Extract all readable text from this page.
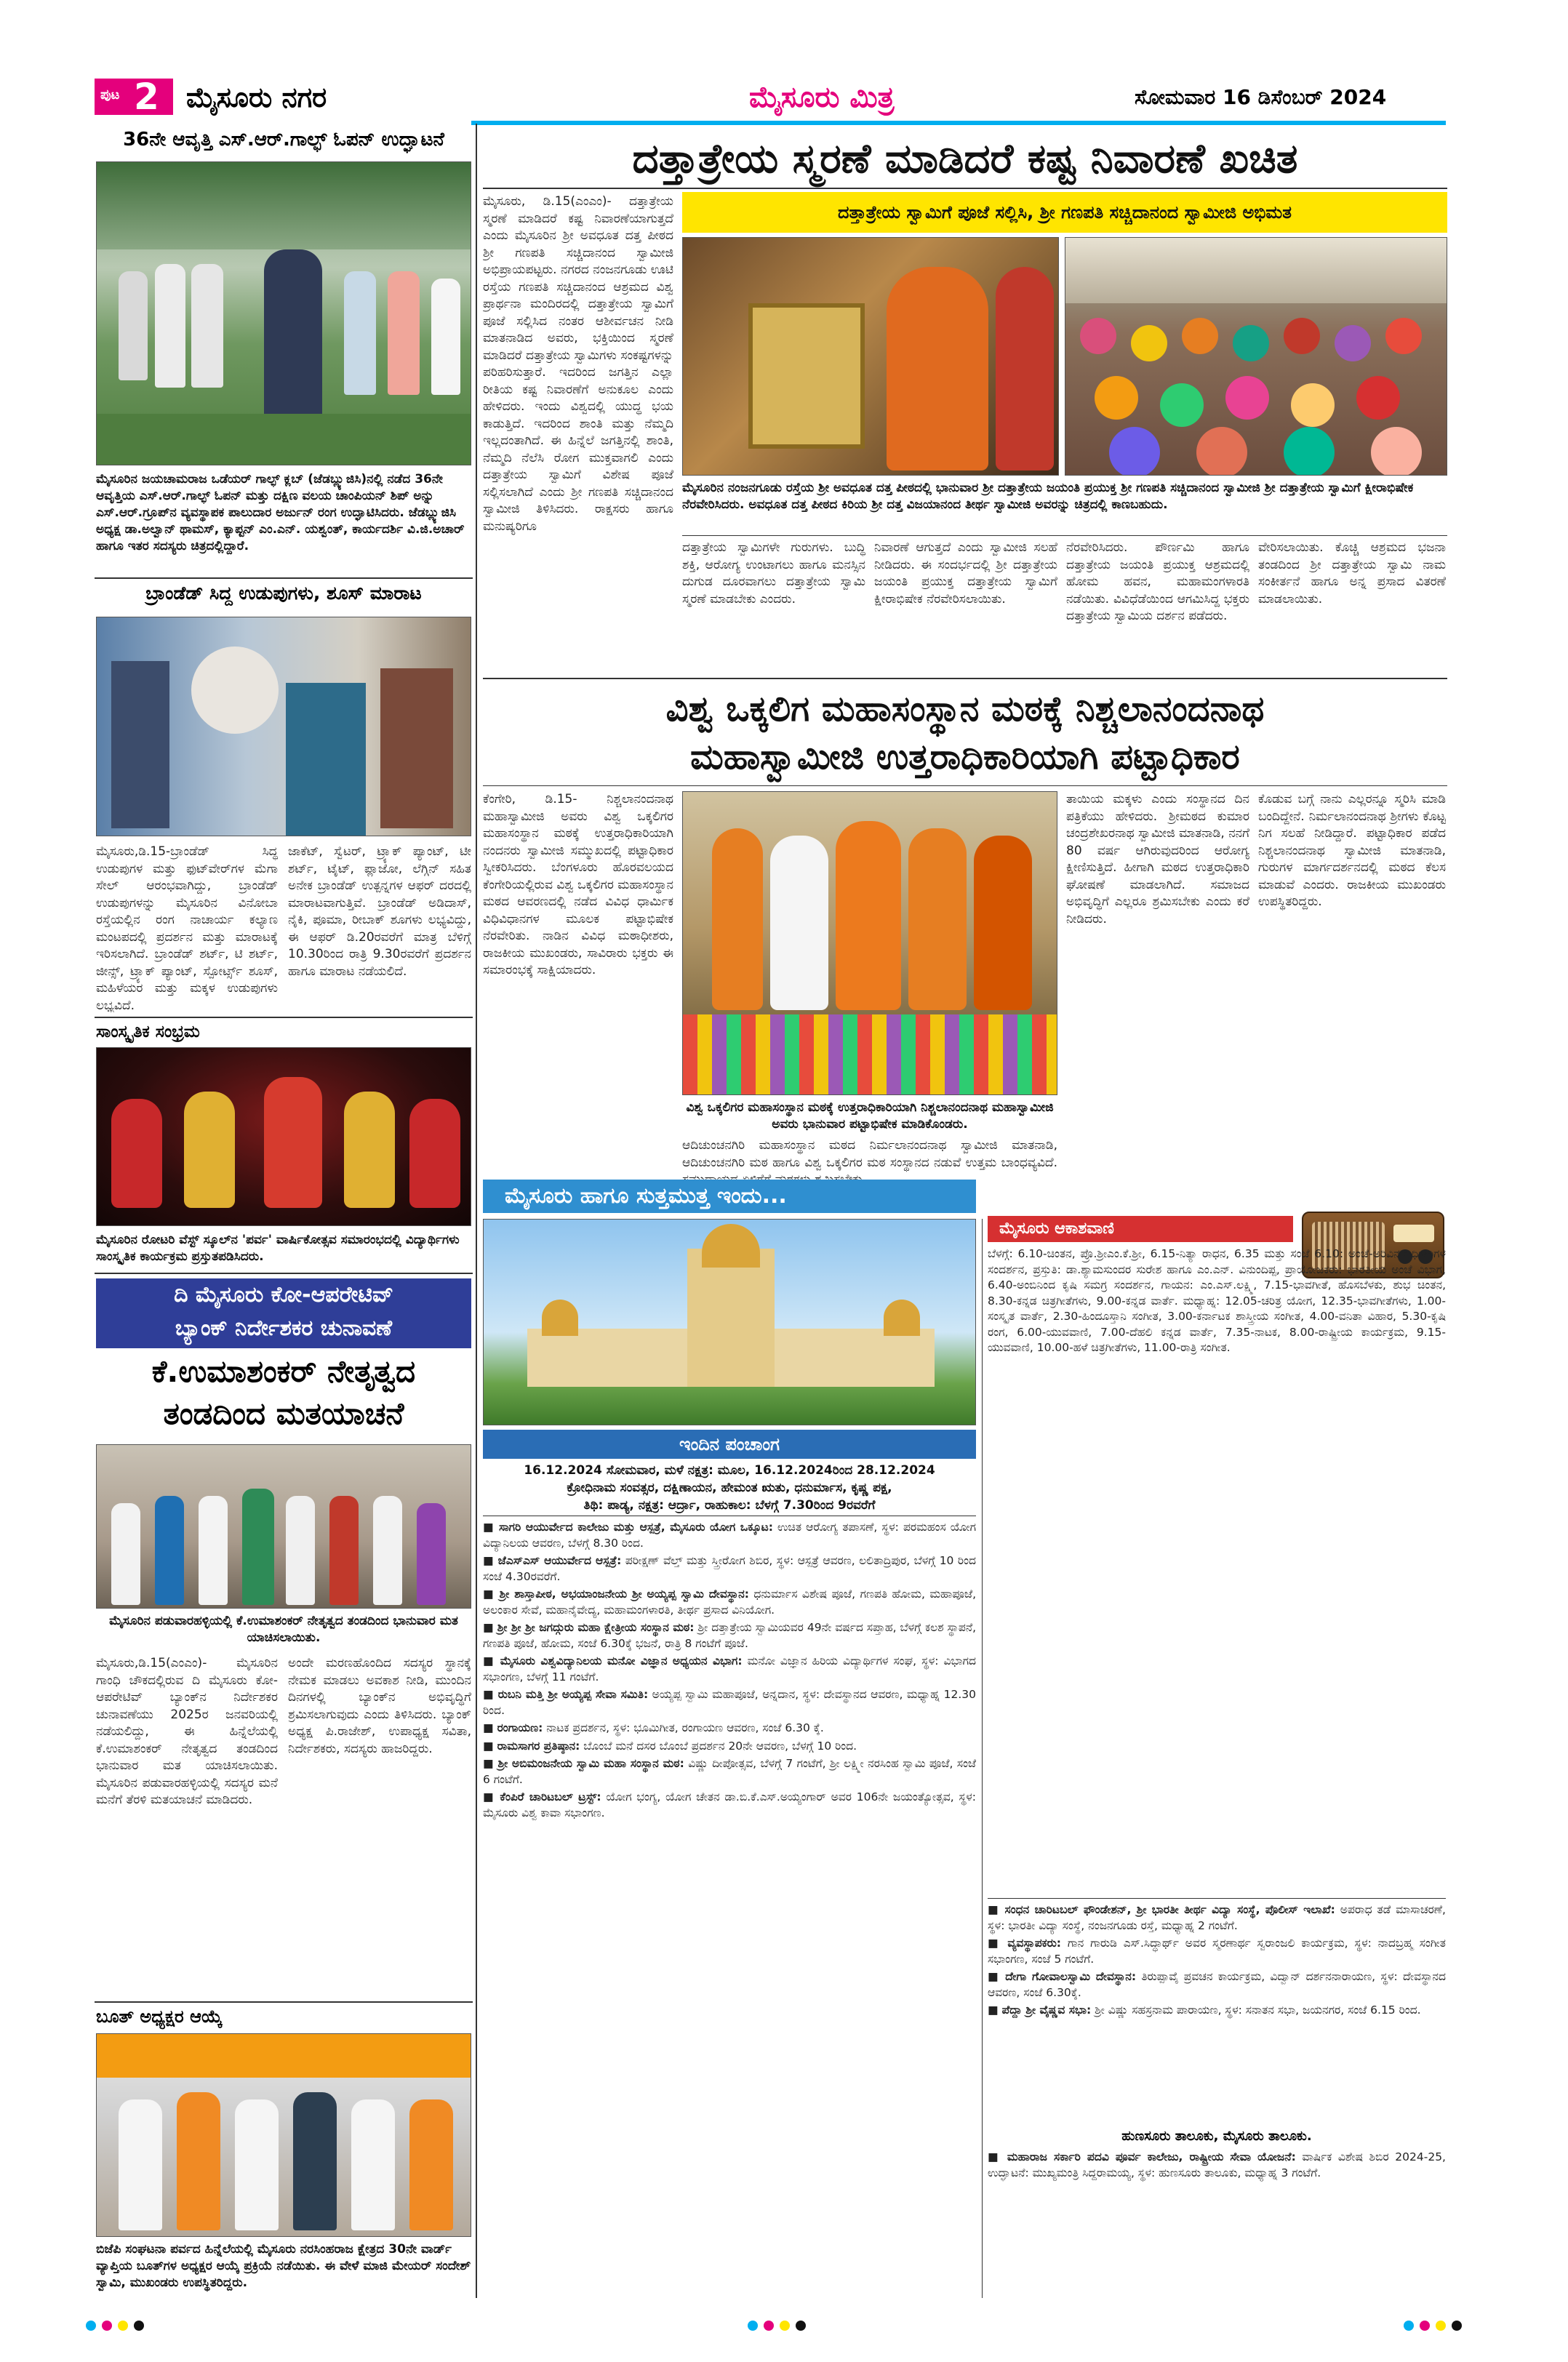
ಪುಟ 2 ಮೈಸೂರು ನಗರ	ಮೈಸೂರು ಮಿತ್ರ	ಸೋಮವಾರ 16 ಡಿಸೆಂಬರ್ 2024
36ನೇ ಆವೃತ್ತಿ ಎಸ್.ಆರ್.ಗಾಲ್ಫ್ ಓಪನ್ ಉದ್ಘಾಟನೆ
ಮೈಸೂರಿನ ಜಯಚಾಮರಾಜ ಒಡೆಯರ್ ಗಾಲ್ಫ್ ಕ್ಲಬ್ (ಜೆಡಬ್ಲ್ಯುಜಿಸಿ)ನಲ್ಲಿ ನಡೆದ 36ನೇ ಆವೃತ್ತಿಯ ಎಸ್.ಆರ್.ಗಾಲ್ಫ್ ಓಪನ್ ಮತ್ತು ದಕ್ಷಿಣ ವಲಯ ಚಾಂಪಿಯನ್ ಶಿಪ್ ಅನ್ನು ಎಸ್.ಆರ್.ಗ್ರೂಪ್‌ನ ವ್ಯವಸ್ಥಾಪಕ ಪಾಲುದಾರ ಅರ್ಜುನ್ ರಂಗ ಉದ್ಘಾಟಿಸಿದರು. ಜೆಡಬ್ಲ್ಯುಜಿಸಿ ಅಧ್ಯಕ್ಷ ಡಾ.ಅಲ್ವಾನ್ ಥಾಮಸ್, ಕ್ಯಾಪ್ಟನ್ ಎಂ.ಎನ್. ಯಶ್ವಂತ್, ಕಾರ್ಯದರ್ಶಿ ವಿ.ಜಿ.ಅಚಾರ್ ಹಾಗೂ ಇತರ ಸದಸ್ಯರು ಚಿತ್ರದಲ್ಲಿದ್ದಾರೆ.
ಬ್ರಾಂಡೆಡ್ ಸಿದ್ದ ಉಡುಪುಗಳು, ಶೂಸ್ ಮಾರಾಟ
ಮೈಸೂರು,ಡಿ.15-ಬ್ರಾಂಡೆಡ್ ಸಿದ್ಧ ಉಡುಪುಗಳ ಮತ್ತು ಫುಟ್‌ವೇರ್‌ಗಳ ಮೆಗಾ ಸೇಲ್ ಆರಂಭವಾಗಿದ್ದು, ಬ್ರಾಂಡೆಡ್ ಉಡುಪುಗಳನ್ನು ಮೈಸೂರಿನ ವಿನೋಬಾ ರಸ್ತೆಯಲ್ಲಿನ ರಂಗ ನಾಚಾರ್ಯ ಕಲ್ಯಾಣ ಮಂಟಪದಲ್ಲಿ ಪ್ರದರ್ಶನ ಮತ್ತು ಮಾರಾಟಕ್ಕೆ ಇರಿಸಲಾಗಿದೆ. ಬ್ರಾಂಡೆಡ್ ಶರ್ಟ್, ಟಿ ಶರ್ಟ್, ಜೀನ್ಸ್, ಟ್ರ್ಯಾಕ್ ಪ್ಯಾಂಟ್, ಸ್ಪೋರ್ಟ್ಸ್ ಶೂಸ್, ಮಹಿಳೆಯರ ಮತ್ತು ಮಕ್ಕಳ ಉಡುಪುಗಳು ಲಭ್ಯವಿದೆ.
ಜಾಕೆಟ್, ಸ್ವೆಟರ್, ಟ್ರ್ಯಾಕ್ ಪ್ಯಾಂಟ್, ಟೀ ಶರ್ಟ್, ಟೈಟ್, ಪ್ಲಾಜೋ, ಲೆಗ್ಗಿನ್ ಸಹಿತ ಅನೇಕ ಬ್ರಾಂಡೆಡ್ ಉತ್ಪನ್ನಗಳ ಆಫರ್ ದರದಲ್ಲಿ ಮಾರಾಟವಾಗುತ್ತಿವೆ. ಬ್ರಾಂಡೆಡ್ ಅಡಿದಾಸ್, ನೈಕಿ, ಪೂಮಾ, ರೀಬಾಕ್ ಶೂಗಳು ಲಭ್ಯವಿದ್ದು, ಈ ಆಫರ್ ಡಿ.20ರವರೆಗೆ ಮಾತ್ರ ಬೆಳಿಗ್ಗೆ 10.30ರಿಂದ ರಾತ್ರಿ 9.30ರವರೆಗೆ ಪ್ರದರ್ಶನ ಹಾಗೂ ಮಾರಾಟ ನಡೆಯಲಿದೆ.
ಸಾಂಸ್ಕೃತಿಕ ಸಂಭ್ರಮ
ಮೈಸೂರಿನ ರೋಟರಿ ವೆಸ್ಟ್ ಸ್ಕೂಲ್‌ನ 'ಪರ್ವ' ವಾರ್ಷಿಕೋತ್ಸವ ಸಮಾರಂಭದಲ್ಲಿ ವಿದ್ಯಾರ್ಥಿಗಳು ಸಾಂಸ್ಕೃತಿಕ ಕಾರ್ಯಕ್ರಮ ಪ್ರಸ್ತುತಪಡಿಸಿದರು.
ದಿ ಮೈಸೂರು ಕೋ-ಆಪರೇಟಿವ್
ಬ್ಯಾಂಕ್ ನಿರ್ದೇಶಕರ ಚುನಾವಣೆ
ಕೆ.ಉಮಾಶಂಕರ್ ನೇತೃತ್ವದ
ತಂಡದಿಂದ ಮತಯಾಚನೆ
ಮೈಸೂರಿನ ಪಡುವಾರಹಳ್ಳಿಯಲ್ಲಿ ಕೆ.ಉಮಾಶಂಕರ್ ನೇತೃತ್ವದ ತಂಡದಿಂದ ಭಾನುವಾರ ಮತ ಯಾಚಿಸಲಾಯಿತು.
ಮೈಸೂರು,ಡಿ.15(ಎಂಎಂ)- ಮೈಸೂರಿನ ಗಾಂಧಿ ಚೌಕದಲ್ಲಿರುವ ದಿ ಮೈಸೂರು ಕೋ-ಆಪರೇಟಿವ್ ಬ್ಯಾಂಕ್‌ನ ನಿರ್ದೇಶಕರ ಚುನಾವಣೆಯು 2025ರ ಜನವರಿಯಲ್ಲಿ ನಡೆಯಲಿದ್ದು, ಈ ಹಿನ್ನೆಲೆಯಲ್ಲಿ ಕೆ.ಉಮಾಶಂಕರ್ ನೇತೃತ್ವದ ತಂಡದಿಂದ ಭಾನುವಾರ ಮತ ಯಾಚಿಸಲಾಯಿತು. ಮೈಸೂರಿನ ಪಡುವಾರಹಳ್ಳಿಯಲ್ಲಿ ಸದಸ್ಯರ ಮನೆ ಮನೆಗೆ ತೆರಳಿ ಮತಯಾಚನೆ ಮಾಡಿದರು.
ಅಂದೇ ಮರಣಹೊಂದಿದ ಸದಸ್ಯರ ಸ್ಥಾನಕ್ಕೆ ನೇಮಕ ಮಾಡಲು ಅವಕಾಶ ನೀಡಿ, ಮುಂದಿನ ದಿನಗಳಲ್ಲಿ ಬ್ಯಾಂಕ್‌ನ ಅಭಿವೃದ್ಧಿಗೆ ಶ್ರಮಿಸಲಾಗುವುದು ಎಂದು ತಿಳಿಸಿದರು. ಬ್ಯಾಂಕ್ ಅಧ್ಯಕ್ಷ ಪಿ.ರಾಜೇಶ್, ಉಪಾಧ್ಯಕ್ಷ ಸವಿತಾ, ನಿರ್ದೇಶಕರು, ಸದಸ್ಯರು ಹಾಜರಿದ್ದರು.
ಬೂತ್ ಅಧ್ಯಕ್ಷರ ಆಯ್ಕೆ
ಬಿಜೆಪಿ ಸಂಘಟನಾ ಪರ್ವದ ಹಿನ್ನೆಲೆಯಲ್ಲಿ ಮೈಸೂರು ನರಸಿಂಹರಾಜ ಕ್ಷೇತ್ರದ 30ನೇ ವಾರ್ಡ್ ವ್ಯಾಪ್ತಿಯ ಬೂತ್‌ಗಳ ಅಧ್ಯಕ್ಷರ ಆಯ್ಕೆ ಪ್ರಕ್ರಿಯೆ ನಡೆಯಿತು. ಈ ವೇಳೆ ಮಾಜಿ ಮೇಯರ್ ಸಂದೇಶ್ ಸ್ವಾಮಿ, ಮುಖಂಡರು ಉಪಸ್ಥಿತರಿದ್ದರು.
ದತ್ತಾತ್ರೇಯ ಸ್ಮರಣೆ ಮಾಡಿದರೆ ಕಷ್ಟ ನಿವಾರಣೆ ಖಚಿತ
ಮೈಸೂರು, ಡಿ.15(ಎಂಎಂ)- ದತ್ತಾತ್ರೇಯ ಸ್ಮರಣೆ ಮಾಡಿದರೆ ಕಷ್ಟ ನಿವಾರಣೆಯಾಗುತ್ತದೆ ಎಂದು ಮೈಸೂರಿನ ಶ್ರೀ ಅವಧೂತ ದತ್ತ ಪೀಠದ ಶ್ರೀ ಗಣಪತಿ ಸಚ್ಚಿದಾನಂದ ಸ್ವಾಮೀಜಿ ಅಭಿಪ್ರಾಯಪಟ್ಟರು. ನಗರದ ನಂಜನಗೂಡು ಊಟಿ ರಸ್ತೆಯ ಗಣಪತಿ ಸಚ್ಚಿದಾನಂದ ಆಶ್ರಮದ ವಿಶ್ವ ಪ್ರಾರ್ಥನಾ ಮಂದಿರದಲ್ಲಿ ದತ್ತಾತ್ರೇಯ ಸ್ವಾಮಿಗೆ ಪೂಜೆ ಸಲ್ಲಿಸಿದ ನಂತರ ಆಶೀರ್ವಚನ ನೀಡಿ ಮಾತನಾಡಿದ ಅವರು, ಭಕ್ತಿಯಿಂದ ಸ್ಮರಣೆ ಮಾಡಿದರೆ ದತ್ತಾತ್ರೇಯ ಸ್ವಾಮಿಗಳು ಸಂಕಷ್ಟಗಳನ್ನು ಪರಿಹರಿಸುತ್ತಾರೆ. ಇದರಿಂದ ಜಗತ್ತಿನ ಎಲ್ಲಾ ರೀತಿಯ ಕಷ್ಟ ನಿವಾರಣೆಗೆ ಅನುಕೂಲ ಎಂದು ಹೇಳಿದರು. ಇಂದು ವಿಶ್ವದಲ್ಲಿ ಯುದ್ಧ ಭಯ ಕಾಡುತ್ತಿದೆ. ಇದರಿಂದ ಶಾಂತಿ ಮತ್ತು ನೆಮ್ಮದಿ ಇಲ್ಲದಂತಾಗಿದೆ. ಈ ಹಿನ್ನೆಲೆ ಜಗತ್ತಿನಲ್ಲಿ ಶಾಂತಿ, ನೆಮ್ಮದಿ ನೆಲೆಸಿ ರೋಗ ಮುಕ್ತವಾಗಲಿ ಎಂದು ದತ್ತಾತ್ರೇಯ ಸ್ವಾಮಿಗೆ ವಿಶೇಷ ಪೂಜೆ ಸಲ್ಲಿಸಲಾಗಿದೆ ಎಂದು ಶ್ರೀ ಗಣಪತಿ ಸಚ್ಚಿದಾನಂದ ಸ್ವಾಮೀಜಿ ತಿಳಿಸಿದರು. ರಾಕ್ಷಸರು ಹಾಗೂ ಮನುಷ್ಯರಿಗೂ
ದತ್ತಾತ್ರೇಯ ಸ್ವಾಮಿಗೆ ಪೂಜೆ ಸಲ್ಲಿಸಿ, ಶ್ರೀ ಗಣಪತಿ ಸಚ್ಚಿದಾನಂದ ಸ್ವಾಮೀಜಿ ಅಭಿಮತ
ಮೈಸೂರಿನ ನಂಜನಗೂಡು ರಸ್ತೆಯ ಶ್ರೀ ಅವಧೂತ ದತ್ತ ಪೀಠದಲ್ಲಿ ಭಾನುವಾರ ಶ್ರೀ ದತ್ತಾತ್ರೇಯ ಜಯಂತಿ ಪ್ರಯುಕ್ತ ಶ್ರೀ ಗಣಪತಿ ಸಚ್ಚಿದಾನಂದ ಸ್ವಾಮೀಜಿ ಶ್ರೀ ದತ್ತಾತ್ರೇಯ ಸ್ವಾಮಿಗೆ ಕ್ಷೀರಾಭಿಷೇಕ ನೆರವೇರಿಸಿದರು. ಅವಧೂತ ದತ್ತ ಪೀಠದ ಕಿರಿಯ ಶ್ರೀ ದತ್ತ ವಿಜಯಾನಂದ ತೀರ್ಥ ಸ್ವಾಮೀಜಿ ಅವರನ್ನು ಚಿತ್ರದಲ್ಲಿ ಕಾಣಬಹುದು.
ದತ್ತಾತ್ರೇಯ ಸ್ವಾಮಿಗಳೇ ಗುರುಗಳು. ಬುದ್ಧಿ ಶಕ್ತಿ, ಆರೋಗ್ಯ ಉಂಟಾಗಲು ಹಾಗೂ ಮನಸ್ಸಿನ ದುಗುಡ ದೂರವಾಗಲು ದತ್ತಾತ್ರೇಯ ಸ್ವಾಮಿ ಸ್ಮರಣೆ ಮಾಡಬೇಕು ಎಂದರು.
ನಿವಾರಣೆ ಆಗುತ್ತದೆ ಎಂದು ಸ್ವಾಮೀಜಿ ಸಲಹೆ ನೀಡಿದರು. ಈ ಸಂದರ್ಭದಲ್ಲಿ ಶ್ರೀ ದತ್ತಾತ್ರೇಯ ಜಯಂತಿ ಪ್ರಯುಕ್ತ ದತ್ತಾತ್ರೇಯ ಸ್ವಾಮಿಗೆ ಕ್ಷೀರಾಭಿಷೇಕ ನೆರವೇರಿಸಲಾಯಿತು.
ನೆರವೇರಿಸಿದರು. ಪೌರ್ಣಮಿ ಹಾಗೂ ದತ್ತಾತ್ರೇಯ ಜಯಂತಿ ಪ್ರಯುಕ್ತ ಆಶ್ರಮದಲ್ಲಿ ಹೋಮ ಹವನ, ಮಹಾಮಂಗಳಾರತಿ ನಡೆಯಿತು. ವಿವಿಧೆಡೆಯಿಂದ ಆಗಮಿಸಿದ್ದ ಭಕ್ತರು ದತ್ತಾತ್ರೇಯ ಸ್ವಾಮಿಯ ದರ್ಶನ ಪಡೆದರು.
ವೇರಿಸಲಾಯಿತು. ಕೊಚ್ಚಿ ಆಶ್ರಮದ ಭಜನಾ ತಂಡದಿಂದ ಶ್ರೀ ದತ್ತಾತ್ರೇಯ ಸ್ವಾಮಿ ನಾಮ ಸಂಕೀರ್ತನೆ ಹಾಗೂ ಅನ್ನ ಪ್ರಸಾದ ವಿತರಣೆ ಮಾಡಲಾಯಿತು.
ವಿಶ್ವ ಒಕ್ಕಲಿಗ ಮಹಾಸಂಸ್ಥಾನ ಮಠಕ್ಕೆ ನಿಶ್ಚಲಾನಂದನಾಥ
ಮಹಾಸ್ವಾಮೀಜಿ ಉತ್ತರಾಧಿಕಾರಿಯಾಗಿ ಪಟ್ಟಾಧಿಕಾರ
ಕೆಂಗೇರಿ, ಡಿ.15- ನಿಶ್ಚಲಾನಂದನಾಥ ಮಹಾಸ್ವಾಮೀಜಿ ಅವರು ವಿಶ್ವ ಒಕ್ಕಲಿಗರ ಮಹಾಸಂಸ್ಥಾನ ಮಠಕ್ಕೆ ಉತ್ತರಾಧಿಕಾರಿಯಾಗಿ ನಂದನರು ಸ್ವಾಮೀಜಿ ಸಮ್ಮುಖದಲ್ಲಿ ಪಟ್ಟಾಧಿಕಾರ ಸ್ವೀಕರಿಸಿದರು. ಬೆಂಗಳೂರು ಹೊರವಲಯದ ಕೆಂಗೇರಿಯಲ್ಲಿರುವ ವಿಶ್ವ ಒಕ್ಕಲಿಗರ ಮಹಾಸಂಸ್ಥಾನ ಮಠದ ಆವರಣದಲ್ಲಿ ನಡೆದ ವಿವಿಧ ಧಾರ್ಮಿಕ ವಿಧಿವಿಧಾನಗಳ ಮೂಲಕ ಪಟ್ಟಾಭಿಷೇಕ ನೆರವೇರಿತು. ನಾಡಿನ ವಿವಿಧ ಮಠಾಧೀಶರು, ರಾಜಕೀಯ ಮುಖಂಡರು, ಸಾವಿರಾರು ಭಕ್ತರು ಈ ಸಮಾರಂಭಕ್ಕೆ ಸಾಕ್ಷಿಯಾದರು.
ವಿಶ್ವ ಒಕ್ಕಲಿಗರ ಮಹಾಸಂಸ್ಥಾನ ಮಠಕ್ಕೆ ಉತ್ತರಾಧಿಕಾರಿಯಾಗಿ ನಿಶ್ಚಲಾನಂದನಾಥ ಮಹಾಸ್ವಾಮೀಜಿ ಅವರು ಭಾನುವಾರ ಪಟ್ಟಾಭಿಷೇಕ ಮಾಡಿಕೊಂಡರು.
ಆದಿಚುಂಚನಗಿರಿ ಮಹಾಸಂಸ್ಥಾನ ಮಠದ ನಿರ್ಮಲಾನಂದನಾಥ ಸ್ವಾಮೀಜಿ ಮಾತನಾಡಿ, ಆದಿಚುಂಚನಗಿರಿ ಮಠ ಹಾಗೂ ವಿಶ್ವ ಒಕ್ಕಲಿಗರ ಮಠ ಸಂಸ್ಥಾನದ ನಡುವೆ ಉತ್ತಮ ಬಾಂಧವ್ಯವಿದೆ.
ತಾಯಿಯ ಮಕ್ಕಳು ಎಂದು ಸಂಸ್ಥಾನದ ದಿನ ಪತ್ರಿಕೆಯು ಹೇಳಿದರು. ಶ್ರೀಮಠದ ಕುಮಾರ ಚಂದ್ರಶೇಖರನಾಥ ಸ್ವಾಮೀಜಿ ಮಾತನಾಡಿ, ನನಗೆ 80 ವರ್ಷ ಆಗಿರುವುದರಿಂದ ಆರೋಗ್ಯ ಕ್ಷೀಣಿಸುತ್ತಿದೆ. ಹೀಗಾಗಿ ಮಠದ ಉತ್ತರಾಧಿಕಾರಿ ಘೋಷಣೆ ಮಾಡಲಾಗಿದೆ. ಸಮಾಜದ ಅಭಿವೃದ್ಧಿಗೆ ಎಲ್ಲರೂ ಶ್ರಮಿಸಬೇಕು ಎಂದು ಕರೆ ನೀಡಿದರು.
ಕೊಡುವ ಬಗ್ಗೆ ನಾನು ಎಲ್ಲರನ್ನೂ ಸ್ಮರಿಸಿ ಮಾಡಿ ಬಂದಿದ್ದೇನೆ. ನಿರ್ಮಲಾನಂದನಾಥ ಶ್ರೀಗಳು ಕೊಟ್ಟ ನಿಗ ಸಲಹೆ ನೀಡಿದ್ದಾರೆ. ಪಟ್ಟಾಧಿಕಾರ ಪಡೆದ ನಿಶ್ಚಲಾನಂದನಾಥ ಸ್ವಾಮೀಜಿ ಮಾತನಾಡಿ, ಗುರುಗಳ ಮಾರ್ಗದರ್ಶನದಲ್ಲಿ ಮಠದ ಕೆಲಸ ಮಾಡುವೆ ಎಂದರು. ರಾಜಕೀಯ ಮುಖಂಡರು ಉಪಸ್ಥಿತರಿದ್ದರು.
ಮೈಸೂರು ಹಾಗೂ ಸುತ್ತಮುತ್ತ ಇಂದು...
ಇಂದಿನ ಪಂಚಾಂಗ
16.12.2024 ಸೋಮವಾರ, ಮಳೆ ನಕ್ಷತ್ರ: ಮೂಲ, 16.12.2024ರಿಂದ 28.12.2024
ಕ್ರೋಧಿನಾಮ ಸಂವತ್ಸರ, ದಕ್ಷಿಣಾಯನ, ಹೇಮಂತ ಋತು, ಧನುರ್ಮಾಸ, ಕೃಷ್ಣ ಪಕ್ಷ,
ತಿಥಿ: ಪಾಡ್ಯ, ನಕ್ಷತ್ರ: ಆರ್ದ್ರಾ, ರಾಹುಕಾಲ: ಬೆಳಗ್ಗೆ 7.30ರಿಂದ 9ರವರೆಗೆ
■ ಸಾಗರಿ ಆಯುರ್ವೇದ ಕಾಲೇಜು ಮತ್ತು ಆಸ್ಪತ್ರೆ, ಮೈಸೂರು ಯೋಗ ಒಕ್ಕೂಟ: ಉಚಿತ ಆರೋಗ್ಯ ತಪಾಸಣೆ, ಸ್ಥಳ: ಪರಮಹಂಸ ಯೋಗ ವಿದ್ಯಾನಿಲಯ ಆವರಣ, ಬೆಳಗ್ಗೆ 8.30 ರಿಂದ.
■ ಜೆಎಸ್‌ಎಸ್ ಆಯುರ್ವೇದ ಆಸ್ಪತ್ರೆ: ಪರೀಕ್ಷಣ್ ವೆಲ್ತ್ ಮತ್ತು ಸ್ತ್ರೀರೋಗ ಶಿಬಿರ, ಸ್ಥಳ: ಆಸ್ಪತ್ರೆ ಆವರಣ, ಲಲಿತಾದ್ರಿಪುರ, ಬೆಳಗ್ಗೆ 10 ರಿಂದ ಸಂಜೆ 4.30ರವರೆಗೆ.
■ ಶ್ರೀ ಶಾಸ್ತಾಪೀಠ, ಅಭಯಾಂಜನೇಯ ಶ್ರೀ ಅಯ್ಯಪ್ಪ ಸ್ವಾಮಿ ದೇವಸ್ಥಾನ: ಧನುರ್ಮಾಸ ವಿಶೇಷ ಪೂಜೆ, ಗಣಪತಿ ಹೋಮ, ಮಹಾಪೂಜೆ, ಅಲಂಕಾರ ಸೇವೆ, ಮಹಾನೈವೇದ್ಯ, ಮಹಾಮಂಗಳಾರತಿ, ತೀರ್ಥ ಪ್ರಸಾದ ವಿನಿಯೋಗ.
■ ಶ್ರೀ ಶ್ರೀ ಶ್ರೀ ಜಗದ್ಗುರು ಮಹಾ ಕ್ಷೇತ್ರೀಯ ಸಂಸ್ಥಾನ ಮಠ: ಶ್ರೀ ದತ್ತಾತ್ರೇಯ ಸ್ವಾಮಿಯವರ 49ನೇ ವರ್ಷದ ಸಪ್ತಾಹ, ಬೆಳಗ್ಗೆ ಕಲಶ ಸ್ಥಾಪನೆ, ಗಣಪತಿ ಪೂಜೆ, ಹೋಮ, ಸಂಜೆ 6.30ಕ್ಕೆ ಭಜನೆ, ರಾತ್ರಿ 8 ಗಂಟೆಗೆ ಪೂಜೆ.
■ ಮೈಸೂರು ವಿಶ್ವವಿದ್ಯಾನಿಲಯ ಮನೋ ವಿಜ್ಞಾನ ಅಧ್ಯಯನ ವಿಭಾಗ: ಮನೋ ವಿಜ್ಞಾನ ಹಿರಿಯ ವಿದ್ಯಾರ್ಥಿಗಳ ಸಂಘ, ಸ್ಥಳ: ವಿಭಾಗದ ಸಭಾಂಗಣ, ಬೆಳಗ್ಗೆ 11 ಗಂಟೆಗೆ.
■ ರುಬನಿ ಮತ್ತಿ ಶ್ರೀ ಅಯ್ಯಪ್ಪ ಸೇವಾ ಸಮಿತಿ: ಅಯ್ಯಪ್ಪ ಸ್ವಾಮಿ ಮಹಾಪೂಜೆ, ಅನ್ನದಾನ, ಸ್ಥಳ: ದೇವಸ್ಥಾನದ ಆವರಣ, ಮಧ್ಯಾಹ್ನ 12.30 ರಿಂದ.
■ ರಂಗಾಯಣ: ನಾಟಕ ಪ್ರದರ್ಶನ, ಸ್ಥಳ: ಭೂಮಿಗೀತ, ರಂಗಾಯಣ ಆವರಣ, ಸಂಜೆ 6.30 ಕ್ಕೆ.
■ ರಾಮಸಾಗರ ಪ್ರತಿಷ್ಠಾನ: ಬೊಂಬೆ ಮನೆ ದಸರ ಬೊಂಬೆ ಪ್ರದರ್ಶನ 20ನೇ ಆವರಣ, ಬೆಳಗ್ಗೆ 10 ರಿಂದ.
■ ಶ್ರೀ ಅಬಿಮಂಜನೇಯ ಸ್ವಾಮಿ ಮಹಾ ಸಂಸ್ಥಾನ ಮಠ: ವಿಷ್ಣು ದೀಪೋತ್ಸವ, ಬೆಳಗ್ಗೆ 7 ಗಂಟೆಗೆ, ಶ್ರೀ ಲಕ್ಷ್ಮೀ ನರಸಿಂಹ ಸ್ವಾಮಿ ಪೂಜೆ, ಸಂಜೆ 6 ಗಂಟೆಗೆ.
■ ಕೆಂಪಿರೆ ಚಾರಿಟಬಲ್ ಟ್ರಸ್ಟ್: ಯೋಗ ಭಂಗ್ಯ, ಯೋಗ ಚೇತನ ಡಾ.ಬಿ.ಕೆ.ಎಸ್.ಅಯ್ಯಂಗಾರ್ ಅವರ 106ನೇ ಜಯಂತ್ಯೋತ್ಸವ, ಸ್ಥಳ: ಮೈಸೂರು ವಿಶ್ವ ಕಾವಾ ಸಭಾಂಗಣ.
ಮೈಸೂರು ಆಕಾಶವಾಣಿ
ಬೆಳಗ್ಗೆ: 6.10-ಚಿಂತನ, ಪ್ರೊ.ಶ್ರೀಎಂ.ಕೆ.ಶ್ರೀ, 6.15-ನಿತ್ಯಾ ರಾಧನ, 6.35 ಮತ್ತು ಸಂಜೆ 6.10: ಅಂಚೆ-ಅರಿವಿನ-ಅಧಿಕಾರಿಗಳ ಸಂದರ್ಶನ, ಪ್ರಸ್ತುತಿ: ಡಾ.ಶ್ಯಾಮಸುಂದರ ಸುರೇಶ ಹಾಗೂ ಎಂ.ಎನ್. ವಿನುಂದಿಪ್ಪ, ಪ್ರಾಯೋಜಕರು: ಭಾರತೀಯ ಅಂಚೆ ವಿಭಾಗ, 6.40-ಅಂಬಿನಿಂದ ಕೃಷಿ ಸಮಗ್ರ ಸಂದರ್ಶನ, ಗಾಯನ: ಎಂ.ಎಸ್.ಲಕ್ಷ್ಮಿ, 7.15-ಭಾವಗೀತೆ, ಹೊಸಬೆಳಕು, ಶುಭ ಚಿಂತನ, 8.30-ಕನ್ನಡ ಚಿತ್ರಗೀತೆಗಳು, 9.00-ಕನ್ನಡ ವಾರ್ತೆ. ಮಧ್ಯಾಹ್ನ: 12.05-ಚರಿತ್ರ ಯೋಗ, 12.35-ಭಾವಗೀತೆಗಳು, 1.00-ಸಂಸ್ಕೃತ ವಾರ್ತೆ, 2.30-ಹಿಂದೂಸ್ತಾನಿ ಸಂಗೀತ, 3.00-ಕರ್ನಾಟಕ ಶಾಸ್ತ್ರೀಯ ಸಂಗೀತ, 4.00-ವನಿತಾ ವಿಹಾರ, 5.30-ಕೃಷಿ ರಂಗ, 6.00-ಯುವವಾಣಿ, 7.00-ದೆಹಲಿ ಕನ್ನಡ ವಾರ್ತೆ, 7.35-ನಾಟಕ, 8.00-ರಾಷ್ಟ್ರೀಯ ಕಾರ್ಯಕ್ರಮ, 9.15-ಯುವವಾಣಿ, 10.00-ಹಳೆ ಚಿತ್ರಗೀತೆಗಳು, 11.00-ರಾತ್ರಿ ಸಂಗೀತ.
■ ಸಂಧನ ಚಾರಿಟಬಲ್ ಫೌಂಡೇಶನ್, ಶ್ರೀ ಭಾರತೀ ತೀರ್ಥ ವಿದ್ಯಾ ಸಂಸ್ಥೆ, ಪೊಲೀಸ್ ಇಲಾಖೆ: ಅಪರಾಧ ತಡೆ ಮಾಸಾಚರಣೆ, ಸ್ಥಳ: ಭಾರತೀ ವಿದ್ಯಾ ಸಂಸ್ಥೆ, ನಂಜನಗೂಡು ರಸ್ತೆ, ಮಧ್ಯಾಹ್ನ 2 ಗಂಟೆಗೆ.
■ ವ್ಯವಸ್ಥಾಪಕರು: ಗಾನ ಗಾರುಡಿ ಎಸ್.ಸಿದ್ಧಾರ್ಥ್ ಅವರ ಸ್ಮರಣಾರ್ಥ ಸ್ವರಾಂಜಲಿ ಕಾರ್ಯಕ್ರಮ, ಸ್ಥಳ: ನಾದಬ್ರಹ್ಮ ಸಂಗೀತ ಸಭಾಂಗಣ, ಸಂಜೆ 5 ಗಂಟೆಗೆ.
■ ದೇಗಾ ಗೋವಾಲಸ್ವಾಮಿ ದೇವಸ್ಥಾನ: ತಿರುಪ್ಪಾವೈ ಪ್ರವಚನ ಕಾರ್ಯಕ್ರಮ, ವಿದ್ವಾನ್ ದರ್ಶನನಾರಾಯಣ, ಸ್ಥಳ: ದೇವಸ್ಥಾನದ ಆವರಣ, ಸಂಜೆ 6.30ಕ್ಕೆ.
■ ಪೆದ್ದಾ ಶ್ರೀ ವೈಷ್ಣವ ಸಭಾ: ಶ್ರೀ ವಿಷ್ಣು ಸಹಸ್ರನಾಮ ಪಾರಾಯಣ, ಸ್ಥಳ: ಸನಾತನ ಸಭಾ, ಜಯನಗರ, ಸಂಜೆ 6.15 ರಿಂದ.
ಹುಣಸೂರು ತಾಲೂಕು, ಮೈಸೂರು ತಾಲೂಕು.
■ ಮಹಾರಾಜ ಸರ್ಕಾರಿ ಪದವಿ ಪೂರ್ವ ಕಾಲೇಜು, ರಾಷ್ಟ್ರೀಯ ಸೇವಾ ಯೋಜನೆ: ವಾರ್ಷಿಕ ವಿಶೇಷ ಶಿಬಿರ 2024-25, ಉದ್ಘಾಟನೆ: ಮುಖ್ಯಮಂತ್ರಿ ಸಿದ್ದರಾಮಯ್ಯ, ಸ್ಥಳ: ಹುಣಸೂರು ತಾಲೂಕು, ಮಧ್ಯಾಹ್ನ 3 ಗಂಟೆಗೆ.
